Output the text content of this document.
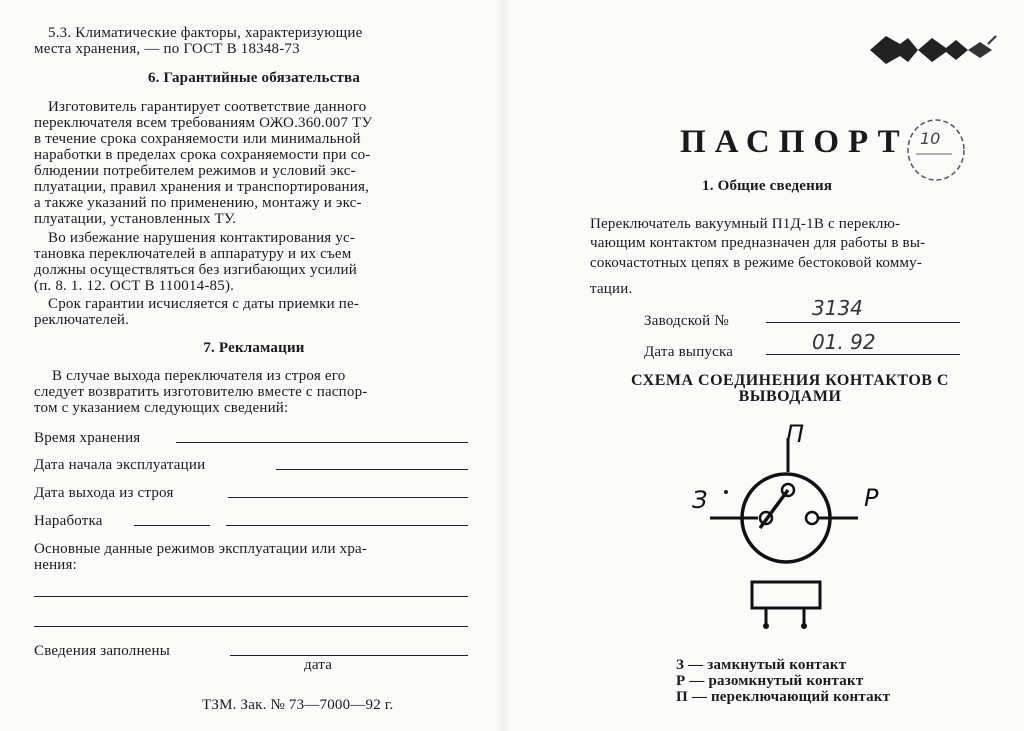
5.3. Климатические факторы, характеризующие
места хранения, — по ГОСТ В 18348-73
6. Гарантийные обязательства
Изготовитель гарантирует соответствие данного
переключателя всем требованиям ОЖО.360.007 ТУ
в течение срока сохраняемости или минимальной
наработки в пределах срока сохраняемости при со-
блюдении потребителем режимов и условий экс-
плуатации, правил хранения и транспортирования,
а также указаний по применению, монтажу и экс-
плуатации, установленных ТУ.
Во избежание нарушения контактирования ус-
тановка переключателей в аппаратуру и их съем
должны осуществляться без изгибающих усилий
(п. 8. 1. 12. ОСТ В 110014-85).
Срок гарантии исчисляется с даты приемки пе-
реключателей.
7. Рекламации
В случае выхода переключателя из строя его
следует возвратить изготовителю вместе с паспор-
том с указанием следующих сведений:
Время хранения
Дата начала эксплуатации
Дата выхода из строя
Наработка
Основные данные режимов эксплуатации или хра-
нения:
Сведения заполнены
дата
ТЗМ. Зак. № 73—7000—92 г.
10
ПАСПОРТ
1. Общие сведения
Переключатель вакуумный П1Д-1В с переклю-
чающим контактом предназначен для работы в вы-
сокочастотных цепях в режиме бестоковой комму-
тации.
Заводской №
3134
Дата выпуска	01. 92
СХЕМА СОЕДИНЕНИЯ КОНТАКТОВ С
ВЫВОДАМИ
П
З	Р
З — замкнутый контакт
Р — разомкнутый контакт
П — переключающий контакт
